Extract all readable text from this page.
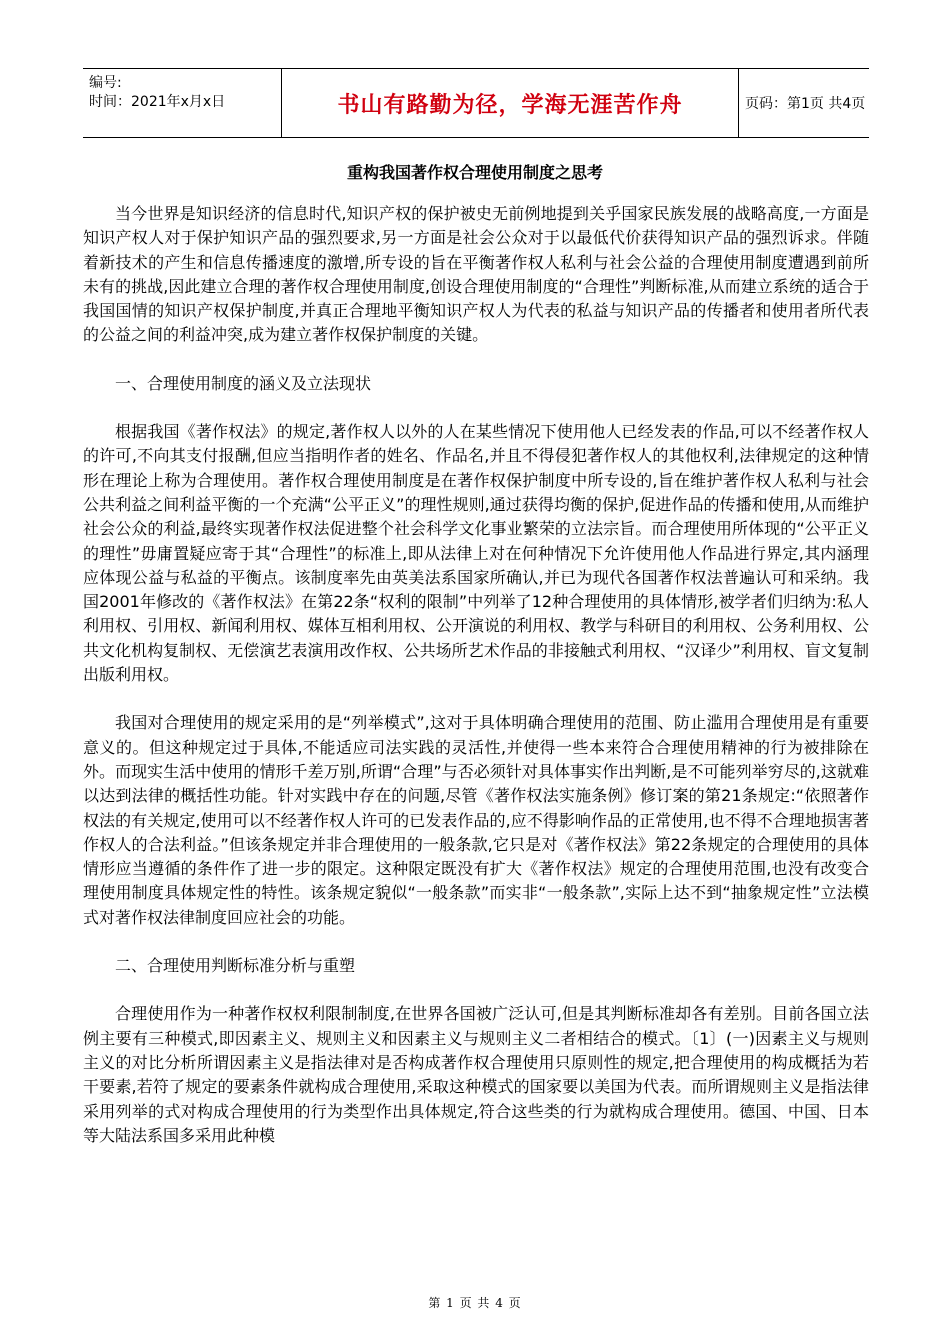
编号:
时间：2021年x月x日	书山有路勤为径，学海无涯苦作舟	页码：第1页 共4页
重构我国著作权合理使用制度之思考

当今世界是知识经济的信息时代,知识产权的保护被史无前例地提到关乎国家民族发展的战略高度,一方面是知识产权人对于保护知识产品的强烈要求,另一方面是社会公众对于以最低代价获得知识产品的强烈诉求。伴随着新技术的产生和信息传播速度的激增,所专设的旨在平衡著作权人私利与社会公益的合理使用制度遭遇到前所未有的挑战,因此建立合理的著作权合理使用制度,创设合理使用制度的“合理性”判断标准,从而建立系统的适合于我国国情的知识产权保护制度,并真正合理地平衡知识产权人为代表的私益与知识产品的传播者和使用者所代表的公益之间的利益冲突,成为建立著作权保护制度的关键。

一、合理使用制度的涵义及立法现状

根据我国《著作权法》的规定,著作权人以外的人在某些情况下使用他人已经发表的作品,可以不经著作权人的许可,不向其支付报酬,但应当指明作者的姓名、作品名,并且不得侵犯著作权人的其他权利,法律规定的这种情形在理论上称为合理使用。著作权合理使用制度是在著作权保护制度中所专设的,旨在维护著作权人私利与社会公共利益之间利益平衡的一个充满“公平正义”的理性规则,通过获得均衡的保护,促进作品的传播和使用,从而维护社会公众的利益,最终实现著作权法促进整个社会科学文化事业繁荣的立法宗旨。而合理使用所体现的“公平正义的理性”毋庸置疑应寄于其“合理性”的标准上,即从法律上对在何种情况下允许使用他人作品进行界定,其内涵理应体现公益与私益的平衡点。该制度率先由英美法系国家所确认,并已为现代各国著作权法普遍认可和采纳。我国2001年修改的《著作权法》在第22条“权利的限制”中列举了12种合理使用的具体情形,被学者们归纳为:私人利用权、引用权、新闻利用权、媒体互相利用权、公开演说的利用权、教学与科研目的利用权、公务利用权、公共文化机构复制权、无偿演艺表演用改作权、公共场所艺术作品的非接触式利用权、“汉译少”利用权、盲文复制出版利用权。

我国对合理使用的规定采用的是“列举模式”,这对于具体明确合理使用的范围、防止滥用合理使用是有重要意义的。但这种规定过于具体,不能适应司法实践的灵活性,并使得一些本来符合合理使用精神的行为被排除在外。而现实生活中使用的情形千差万别,所谓“合理”与否必须针对具体事实作出判断,是不可能列举穷尽的,这就难以达到法律的概括性功能。针对实践中存在的问题,尽管《著作权法实施条例》修订案的第21条规定:“依照著作权法的有关规定,使用可以不经著作权人许可的已发表作品的,应不得影响作品的正常使用,也不得不合理地损害著作权人的合法利益。”但该条规定并非合理使用的一般条款,它只是对《著作权法》第22条规定的合理使用的具体情形应当遵循的条件作了进一步的限定。这种限定既没有扩大《著作权法》规定的合理使用范围,也没有改变合理使用制度具体规定性的特性。该条规定貌似“一般条款”而实非“一般条款”,实际上达不到“抽象规定性”立法模式对著作权法律制度回应社会的功能。

二、合理使用判断标准分析与重塑

合理使用作为一种著作权权利限制制度,在世界各国被广泛认可,但是其判断标准却各有差别。目前各国立法例主要有三种模式,即因素主义、规则主义和因素主义与规则主义二者相结合的模式。〔1〕(一)因素主义与规则主义的对比分析所谓因素主义是指法律对是否构成著作权合理使用只原则性的规定,把合理使用的构成概括为若干要素,若符了规定的要素条件就构成合理使用,采取这种模式的国家要以美国为代表。而所谓规则主义是指法律采用列举的式对构成合理使用的行为类型作出具体规定,符合这些类的行为就构成合理使用。德国、中国、日本等大陆法系国多采用此种模

第 1 页 共 4 页
